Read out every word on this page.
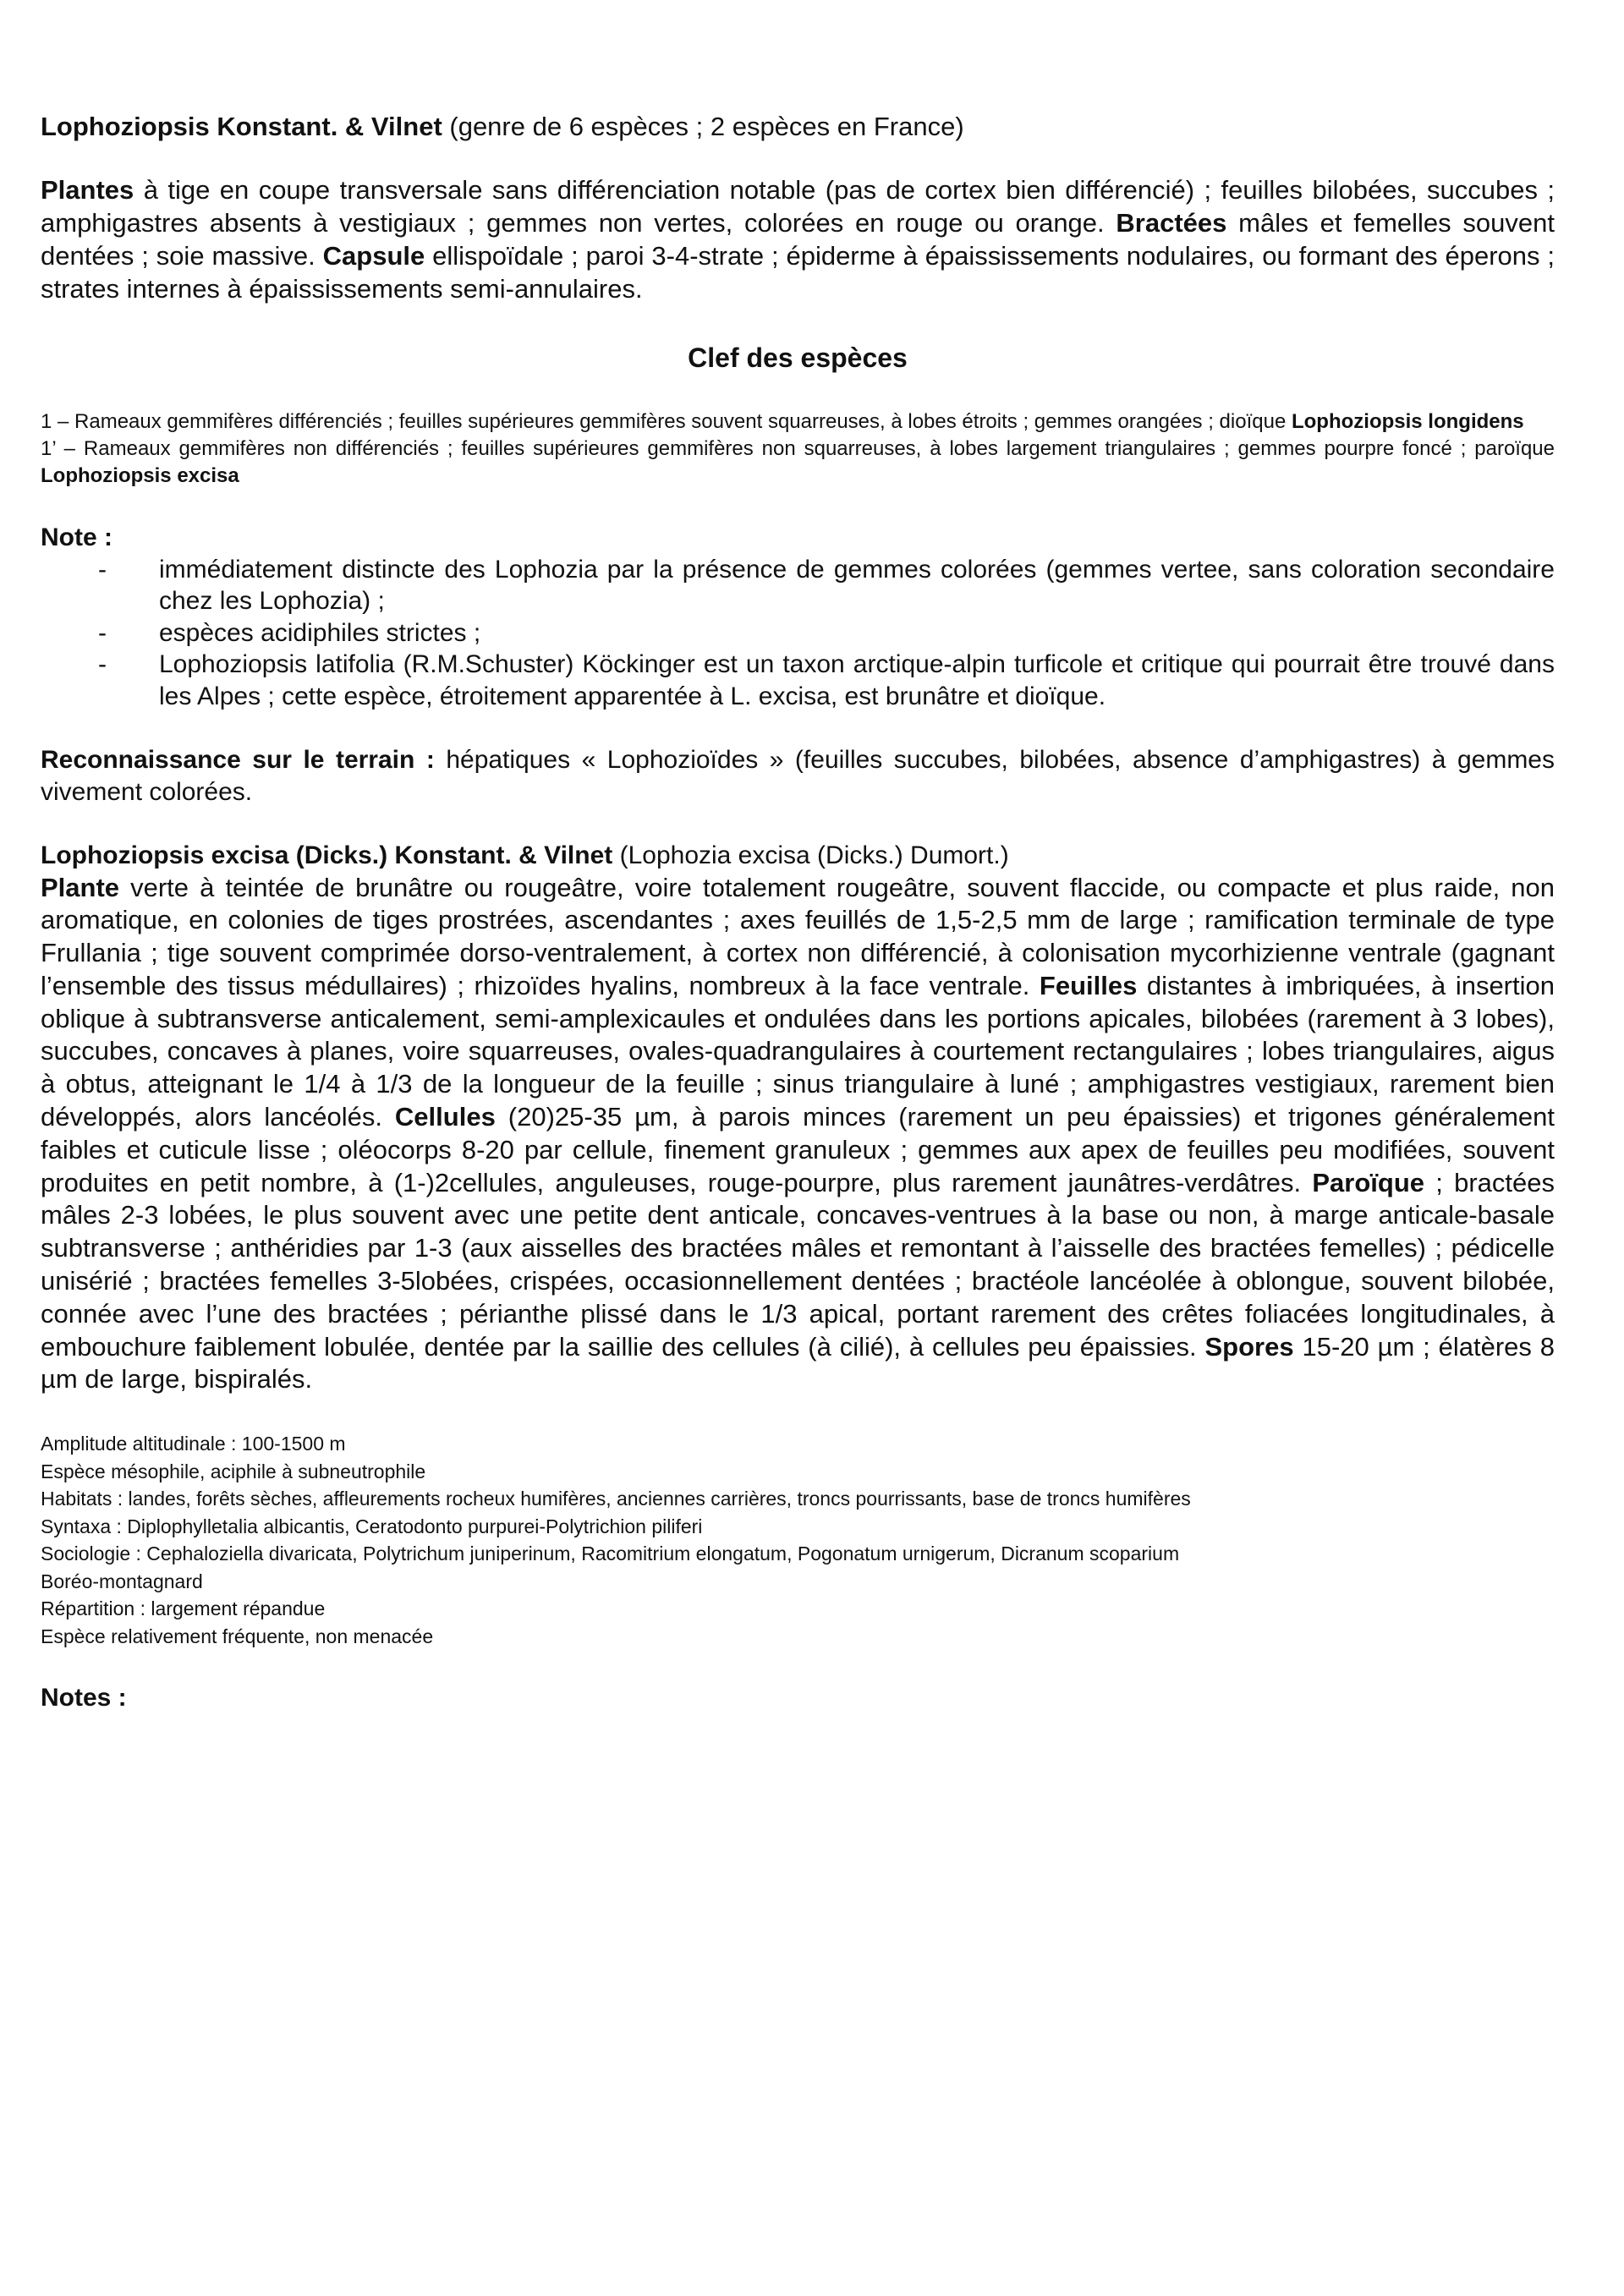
Lophoziopsis Konstant. & Vilnet (genre de 6 espèces ; 2 espèces en France)

Plantes à tige en coupe transversale sans différenciation notable (pas de cortex bien différencié) ; feuilles bilobées, succubes ; amphigastres absents à vestigiaux ; gemmes non vertes, colorées en rouge ou orange. Bractées mâles et femelles souvent dentées ; soie massive. Capsule ellispoïdale ; paroi 3-4-strate ; épiderme à épaississements nodulaires, ou formant des éperons ; strates internes à épaississements semi-annulaires.

Clef des espèces

1 – Rameaux gemmifères différenciés ; feuilles supérieures gemmifères souvent squarreuses, à lobes étroits ; gemmes orangées ; dioïque Lophoziopsis longidens

1’ – Rameaux gemmifères non différenciés ; feuilles supérieures gemmifères non squarreuses, à lobes largement triangulaires ; gemmes pourpre foncé ; paroïque Lophoziopsis excisa

Note :

- immédiatement distincte des Lophozia par la présence de gemmes colorées (gemmes vertee, sans coloration secondaire chez les Lophozia) ;
- espèces acidiphiles strictes ;
- Lophoziopsis latifolia (R.M.Schuster) Köckinger est un taxon arctique-alpin turficole et critique qui pourrait être trouvé dans les Alpes ; cette espèce, étroitement apparentée à L. excisa, est brunâtre et dioïque.

Reconnaissance sur le terrain : hépatiques « Lophozioïdes » (feuilles succubes, bilobées, absence d’amphigastres) à gemmes vivement colorées.

Lophoziopsis excisa (Dicks.) Konstant. & Vilnet (Lophozia excisa (Dicks.) Dumort.)

Plante verte à teintée de brunâtre ou rougeâtre, voire totalement rougeâtre, souvent flaccide, ou compacte et plus raide, non aromatique, en colonies de tiges prostrées, ascendantes ; axes feuillés de 1,5-2,5 mm de large ; ramification terminale de type Frullania ; tige souvent comprimée dorso-ventralement, à cortex non différencié, à colonisation mycorhizienne ventrale (gagnant l’ensemble des tissus médullaires) ; rhizoïdes hyalins, nombreux à la face ventrale. Feuilles distantes à imbriquées, à insertion oblique à subtransverse anticalement, semi-amplexicaules et ondulées dans les portions apicales, bilobées (rarement à 3 lobes), succubes, concaves à planes, voire squarreuses, ovales-quadrangulaires à courtement rectangulaires ; lobes triangulaires, aigus à obtus, atteignant le 1/4 à 1/3 de la longueur de la feuille ; sinus triangulaire à luné ; amphigastres vestigiaux, rarement bien développés, alors lancéolés. Cellules (20)25-35 µm, à parois minces (rarement un peu épaissies) et trigones généralement faibles et cuticule lisse ; oléocorps 8-20 par cellule, finement granuleux ; gemmes aux apex de feuilles peu modifiées, souvent produites en petit nombre, à (1-)2cellules, anguleuses, rouge-pourpre, plus rarement jaunâtres-verdâtres. Paroïque ; bractées mâles 2-3 lobées, le plus souvent avec une petite dent anticale, concaves-ventrues à la base ou non, à marge anticale-basale subtransverse ; anthéridies par 1-3 (aux aisselles des bractées mâles et remontant à l’aisselle des bractées femelles) ; pédicelle unisérié ; bractées femelles 3-5lobées, crispées, occasionnellement dentées ; bractéole lancéolée à oblongue, souvent bilobée, connée avec l’une des bractées ; périanthe plissé dans le 1/3 apical, portant rarement des crêtes foliacées longitudinales, à embouchure faiblement lobulée, dentée par la saillie des cellules (à cilié), à cellules peu épaissies. Spores 15-20 µm ; élatères 8 µm de large, bispiralés.

Amplitude altitudinale : 100-1500 m

Espèce mésophile, aciphile à subneutrophile

Habitats : landes, forêts sèches, affleurements rocheux humifères, anciennes carrières, troncs pourrissants, base de troncs humifères

Syntaxa : Diplophylletalia albicantis, Ceratodonto purpurei-Polytrichion piliferi

Sociologie : Cephaloziella divaricata, Polytrichum juniperinum, Racomitrium elongatum, Pogonatum urnigerum, Dicranum scoparium

Boréo-montagnard

Répartition : largement répandue

Espèce relativement fréquente, non menacée

Notes :
